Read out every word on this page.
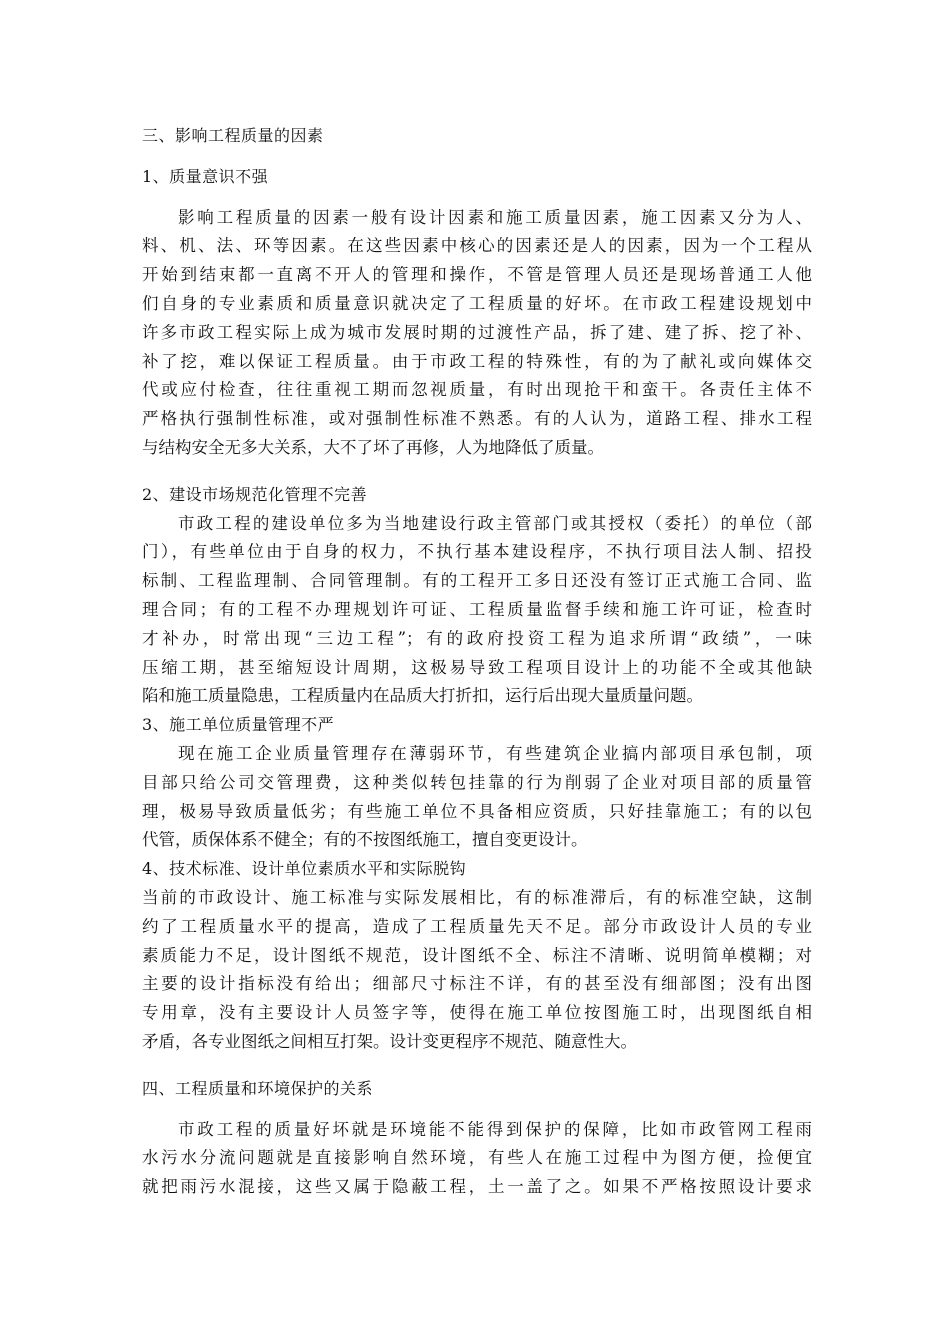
三、影响工程质量的因素
1、质量意识不强
影响工程质量的因素一般有设计因素和施工质量因素，施工因素又分为人、
料、机、法、环等因素。在这些因素中核心的因素还是人的因素，因为一个工程从
开始到结束都一直离不开人的管理和操作，不管是管理人员还是现场普通工人他
们自身的专业素质和质量意识就决定了工程质量的好坏。在市政工程建设规划中
许多市政工程实际上成为城市发展时期的过渡性产品，拆了建、建了拆、挖了补、
补了挖，难以保证工程质量。由于市政工程的特殊性，有的为了献礼或向媒体交
代或应付检查，往往重视工期而忽视质量，有时出现抢干和蛮干。各责任主体不
严格执行强制性标准，或对强制性标准不熟悉。有的人认为，道路工程、排水工程
与结构安全无多大关系，大不了坏了再修，人为地降低了质量。
2、建设市场规范化管理不完善
市政工程的建设单位多为当地建设行政主管部门或其授权（委托）的单位（部
门），有些单位由于自身的权力，不执行基本建设程序，不执行项目法人制、招投
标制、工程监理制、合同管理制。有的工程开工多日还没有签订正式施工合同、监
理合同；有的工程不办理规划许可证、工程质量监督手续和施工许可证，检查时
才补办，时常出现“三边工程”；有的政府投资工程为追求所谓“政绩”，一味
压缩工期，甚至缩短设计周期，这极易导致工程项目设计上的功能不全或其他缺
陷和施工质量隐患，工程质量内在品质大打折扣，运行后出现大量质量问题。
3、施工单位质量管理不严
现在施工企业质量管理存在薄弱环节，有些建筑企业搞内部项目承包制，项
目部只给公司交管理费，这种类似转包挂靠的行为削弱了企业对项目部的质量管
理，极易导致质量低劣；有些施工单位不具备相应资质，只好挂靠施工；有的以包
代管，质保体系不健全；有的不按图纸施工，擅自变更设计。
4、技术标准、设计单位素质水平和实际脱钩
当前的市政设计、施工标准与实际发展相比，有的标准滞后，有的标准空缺，这制
约了工程质量水平的提高，造成了工程质量先天不足。部分市政设计人员的专业
素质能力不足，设计图纸不规范，设计图纸不全、标注不清晰、说明简单模糊；对
主要的设计指标没有给出；细部尺寸标注不详，有的甚至没有细部图；没有出图
专用章，没有主要设计人员签字等，使得在施工单位按图施工时，出现图纸自相
矛盾，各专业图纸之间相互打架。设计变更程序不规范、随意性大。
四、工程质量和环境保护的关系
市政工程的质量好坏就是环境能不能得到保护的保障，比如市政管网工程雨
水污水分流问题就是直接影响自然环境，有些人在施工过程中为图方便，捡便宜
就把雨污水混接，这些又属于隐蔽工程，土一盖了之。如果不严格按照设计要求
